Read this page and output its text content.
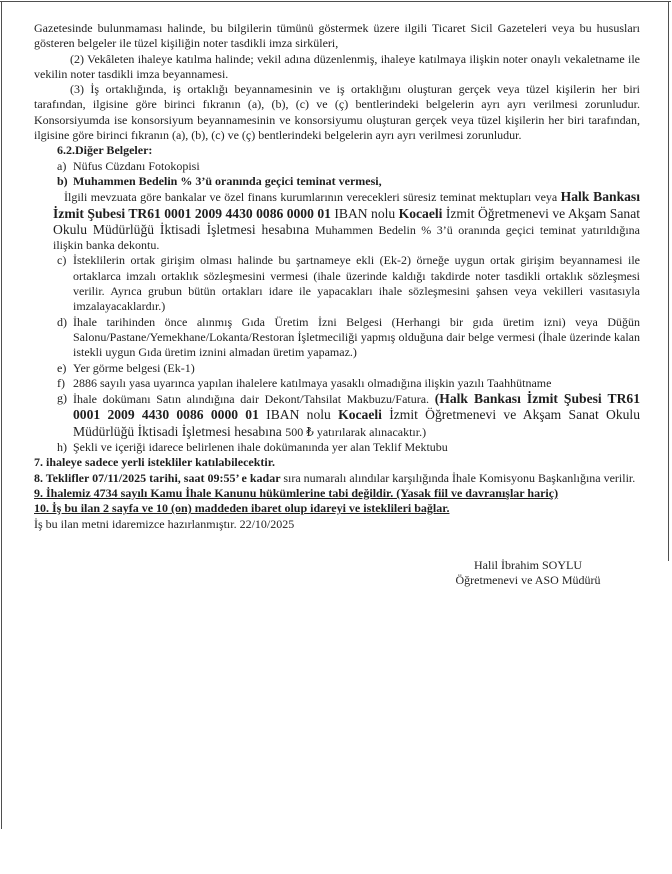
Gazetesinde bulunmaması halinde, bu bilgilerin tümünü göstermek üzere ilgili Ticaret Sicil Gazeteleri veya bu hususları gösteren belgeler ile tüzel kişiliğin noter tasdikli imza sirküleri,

(2) Vekâleten ihaleye katılma halinde; vekil adına düzenlenmiş, ihaleye katılmaya ilişkin noter onaylı vekaletname ile vekilin noter tasdikli imza beyannamesi.

(3) İş ortaklığında, iş ortaklığı beyannamesinin ve iş ortaklığını oluşturan gerçek veya tüzel kişilerin her biri tarafından, ilgisine göre birinci fıkranın (a), (b), (c) ve (ç) bentlerindeki belgelerin ayrı ayrı verilmesi zorunludur. Konsorsiyumda ise konsorsiyum beyannamesinin ve konsorsiyumu oluşturan gerçek veya tüzel kişilerin her biri tarafından, ilgisine göre birinci fıkranın (a), (b), (c) ve (ç) bentlerindeki belgelerin ayrı ayrı verilmesi zorunludur.

6.2.Diğer Belgeler:

a) Nüfus Cüzdanı Fotokopisi
b) Muhammen Bedelin % 3’ü oranında geçici teminat vermesi,

İlgili mevzuata göre bankalar ve özel finans kurumlarının verecekleri süresiz teminat mektupları veya Halk Bankası İzmit Şubesi TR61 0001 2009 4430 0086 0000 01 IBAN nolu Kocaeli İzmit Öğretmenevi ve Akşam Sanat Okulu Müdürlüğü İktisadi İşletmesi hesabına Muhammen Bedelin % 3’ü oranında geçici teminat yatırıldığına ilişkin banka dekontu.

c) İsteklilerin ortak girişim olması halinde bu şartnameye ekli (Ek-2) örneğe uygun ortak girişim beyannamesi ile ortaklarca imzalı ortaklık sözleşmesini vermesi (ihale üzerinde kaldığı takdirde noter tasdikli ortaklık sözleşmesi verilir. Ayrıca grubun bütün ortakları idare ile yapacakları ihale sözleşmesini şahsen veya vekilleri vasıtasıyla imzalayacaklardır.)
d) İhale tarihinden önce alınmış Gıda Üretim İzni Belgesi (Herhangi bir gıda üretim izni) veya Düğün Salonu/Pastane/Yemekhane/Lokanta/Restoran İşletmeciliği yapmış olduğuna dair belge vermesi (İhale üzerinde kalan istekli uygun Gıda üretim iznini almadan üretim yapamaz.)
e) Yer görme belgesi (Ek-1)
f) 2886 sayılı yasa uyarınca yapılan ihalelere katılmaya yasaklı olmadığına ilişkin yazılı Taahhütname
g) İhale dokümanı Satın alındığına dair Dekont/Tahsilat Makbuzu/Fatura. (Halk Bankası İzmit Şubesi TR61 0001 2009 4430 0086 0000 01 IBAN nolu Kocaeli İzmit Öğretmenevi ve Akşam Sanat Okulu Müdürlüğü İktisadi İşletmesi hesabına 500 ₺ yatırılarak alınacaktır.)
h) Şekli ve içeriği idarece belirlenen ihale dokümanında yer alan Teklif Mektubu

7. ihaleye sadece yerli istekliler katılabilecektir.

8. Teklifler 07/11/2025 tarihi, saat 09:55’ e kadar sıra numaralı alındılar karşılığında İhale Komisyonu Başkanlığına verilir.

9. İhalemiz 4734 sayılı Kamu İhale Kanunu hükümlerine tabi değildir. (Yasak fiil ve davranışlar hariç)

10. İş bu ilan 2 sayfa ve 10 (on) maddeden ibaret olup idareyi ve isteklileri bağlar.

İş bu ilan metni idaremizce hazırlanmıştır. 22/10/2025

Halil İbrahim SOYLU
Öğretmenevi ve ASO Müdürü
